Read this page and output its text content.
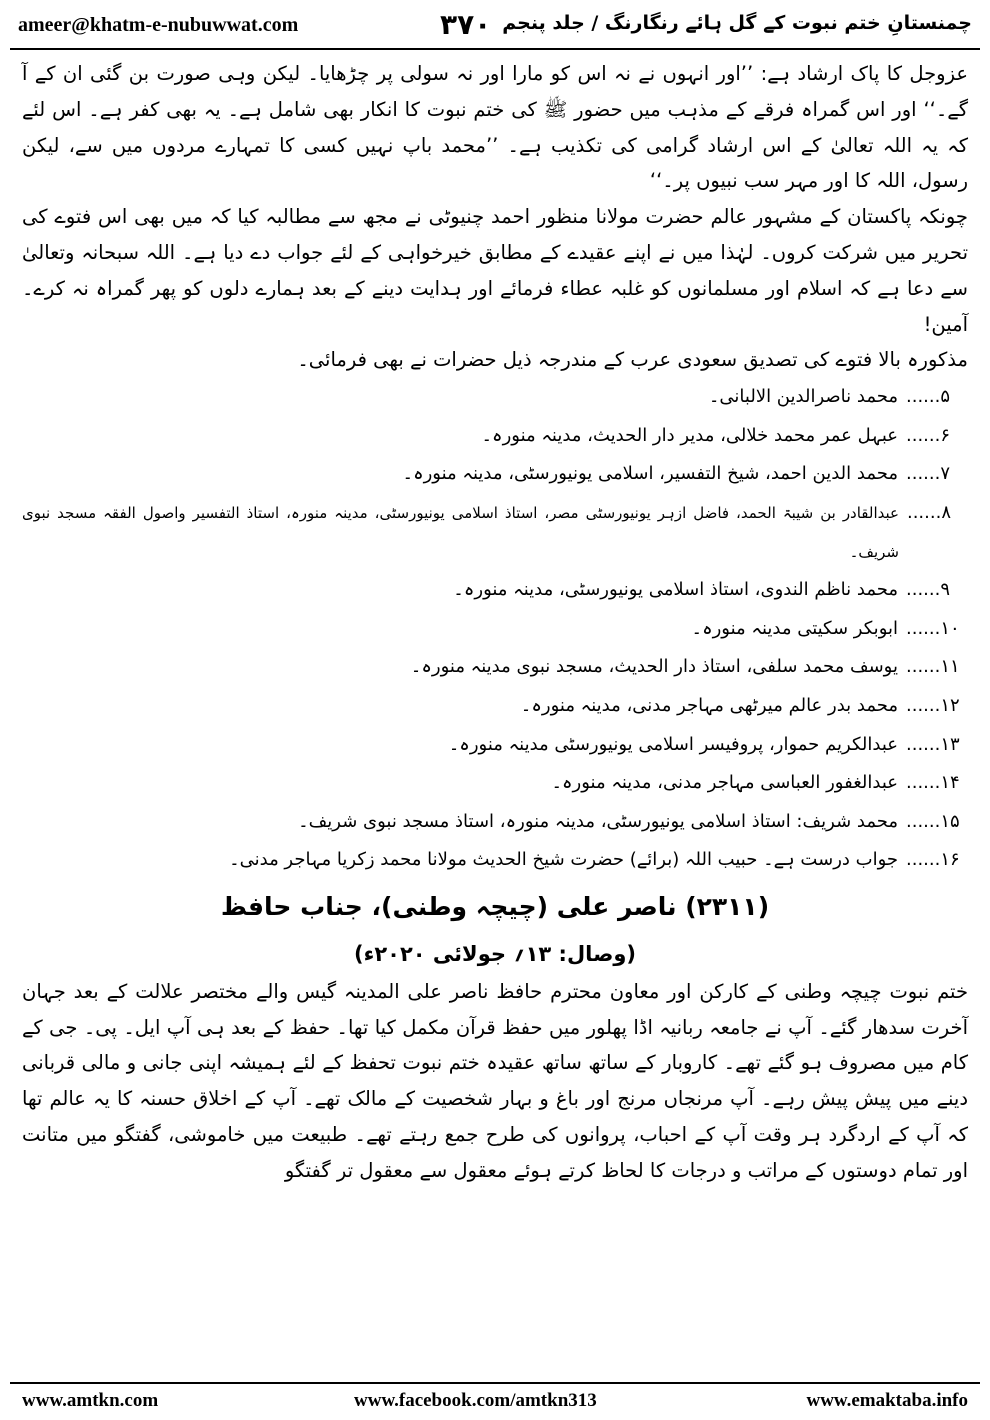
ameer@khatm-e-nubuwwat.com	۳۷۰ چمنستانِ ختم نبوت کے گل ہائے رنگارنگ / جلد پنجم

عزوجل کا پاک ارشاد ہے: ’’اور انہوں نے نہ اس کو مارا اور نہ سولی پر چڑھایا۔ لیکن وہی صورت بن گئی ان کے آ گے۔‘‘ اور اس گمراہ فرقے کے مذہب میں حضور ﷺ کی ختم نبوت کا انکار بھی شامل ہے۔ یہ بھی کفر ہے۔ اس لئے کہ یہ اللہ تعالیٰ کے اس ارشاد گرامی کی تکذیب ہے۔ ’’محمد باپ نہیں کسی کا تمہارے مردوں میں سے، لیکن رسول، اللہ کا اور مہر سب نبیوں پر۔‘‘

چونکہ پاکستان کے مشہور عالم حضرت مولانا منظور احمد چنیوٹی نے مجھ سے مطالبہ کیا کہ میں بھی اس فتوے کی تحریر میں شرکت کروں۔ لہٰذا میں نے اپنے عقیدے کے مطابق خیرخواہی کے لئے جواب دے دیا ہے۔ اللہ سبحانہ وتعالیٰ سے دعا ہے کہ اسلام اور مسلمانوں کو غلبہ عطاء فرمائے اور ہدایت دینے کے بعد ہمارے دلوں کو پھر گمراہ نہ کرے۔ آمین!

مذکورہ بالا فتوے کی تصدیق سعودی عرب کے مندرجہ ذیل حضرات نے بھی فرمائی۔

۵......
محمد ناصرالدین الالبانی۔
۶......
عبہل عمر محمد خلالی، مدیر دار الحدیث، مدینہ منورہ۔
۷......
محمد الدین احمد، شیخ التفسیر، اسلامی یونیورسٹی، مدینہ منورہ۔
۸......
عبدالقادر بن شیبۃ الحمد، فاضل ازہر یونیورسٹی مصر، استاذ اسلامی یونیورسٹی، مدینہ منورہ، استاذ التفسیر واصول الفقہ مسجد نبوی شریف۔
۹......
محمد ناظم الندوی، استاذ اسلامی یونیورسٹی، مدینہ منورہ۔
۱۰......
ابوبکر سکیتی مدینہ منورہ۔
۱۱......
یوسف محمد سلفی، استاذ دار الحدیث، مسجد نبوی مدینہ منورہ۔
۱۲......
محمد بدر عالم میرٹھی مہاجر مدنی، مدینہ منورہ۔
۱۳......
عبدالکریم حموار، پروفیسر اسلامی یونیورسٹی مدینہ منورہ۔
۱۴......
عبدالغفور العباسی مہاجر مدنی، مدینہ منورہ۔
۱۵......
محمد شریف: استاذ اسلامی یونیورسٹی، مدینہ منورہ، استاذ مسجد نبوی شریف۔
۱۶......
جواب درست ہے۔ حبیب اللہ (برائے) حضرت شیخ الحدیث مولانا محمد زکریا مہاجر مدنی۔
(۲۳۱۱) ناصر علی (چیچہ وطنی)، جناب حافظ
(وصال: ۱۳؍ جولائی ۲۰۲۰ء)

ختم نبوت چیچہ وطنی کے کارکن اور معاون محترم حافظ ناصر علی المدینہ گیس والے مختصر علالت کے بعد جہان آخرت سدھار گئے۔ آپ نے جامعہ ربانیہ اڈا پھلور میں حفظ قرآن مکمل کیا تھا۔ حفظ کے بعد ہی آپ ایل۔ پی۔ جی کے کام میں مصروف ہو گئے تھے۔ کاروبار کے ساتھ ساتھ عقیدہ ختم نبوت تحفظ کے لئے ہمیشہ اپنی جانی و مالی قربانی دینے میں پیش پیش رہے۔ آپ مرنجاں مرنج اور باغ و بہار شخصیت کے مالک تھے۔ آپ کے اخلاق حسنہ کا یہ عالم تھا کہ آپ کے اردگرد ہر وقت آپ کے احباب، پروانوں کی طرح جمع رہتے تھے۔ طبیعت میں خاموشی، گفتگو میں متانت اور تمام دوستوں کے مراتب و درجات کا لحاظ کرتے ہوئے معقول سے معقول تر گفتگو

www.amtkn.com	www.facebook.com/amtkn313	www.emaktaba.info
